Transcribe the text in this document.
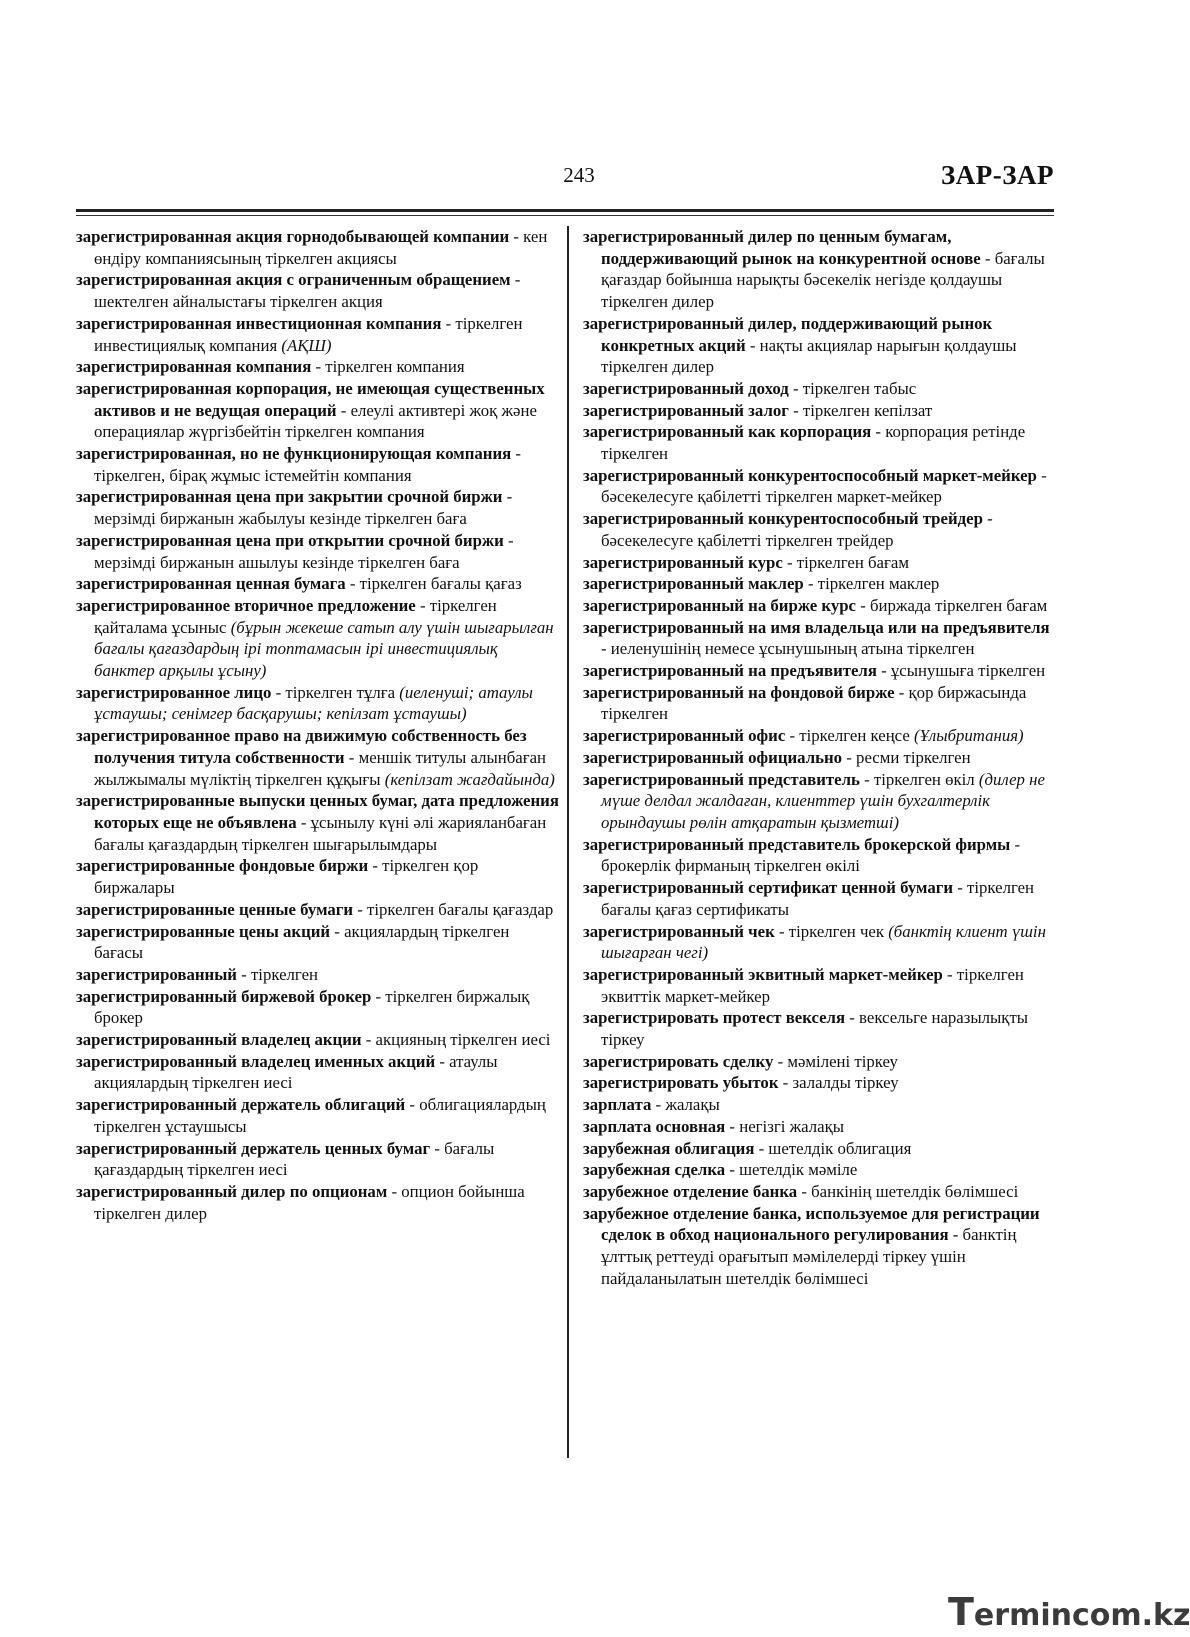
243	ЗАР-ЗАР

зарегистрированная акция горнодобывающей компании - кен өндіру компаниясының тіркелген акциясы

зарегистрированная акция с ограниченным обращением - шектелген айналыстағы тіркелген акция

зарегистрированная инвестиционная компания - тіркелген инвестициялық компания (АҚШ)

зарегистрированная компания - тіркелген компания

зарегистрированная корпорация, не имеющая существенных активов и не ведущая операций - елеулі активтері жоқ және операциялар жүргізбейтін тіркелген компания

зарегистрированная, но не функционирующая компания - тіркелген, бірақ жұмыс істемейтін компания

зарегистрированная цена при закрытии срочной биржи - мерзімді биржанын жабылуы кезінде тіркелген баға

зарегистрированная цена при открытии срочной биржи - мерзімді биржанын ашылуы кезінде тіркелген баға

зарегистрированная ценная бумага - тіркелген бағалы қағаз

зарегистрированное вторичное предложение - тіркелген қайталама ұсыныс (бұрын жекеше сатып алу үшін шығарылған бағалы қағаздардың ірі топтамасын ірі инвестициялық банктер арқылы ұсыну)

зарегистрированное лицо - тіркелген тұлға (иеленуші; атаулы ұстаушы; сенімгер басқарушы; кепілзат ұстаушы)

зарегистрированное право на движимую собственность без получения титула собственности - меншік титулы алынбаған жылжымалы мүліктің тіркелген құқығы (кепілзат жағдайында)

зарегистрированные выпуски ценных бумаг, дата предложения которых еще не объявлена - ұсынылу күні әлі жарияланбаған бағалы қағаздардың тіркелген шығарылымдары

зарегистрированные фондовые биржи - тіркелген қор биржалары

зарегистрированные ценные бумаги - тіркелген бағалы қағаздар

зарегистрированные цены акций - акциялардың тіркелген бағасы

зарегистрированный - тіркелген

зарегистрированный биржевой брокер - тіркелген биржалық брокер

зарегистрированный владелец акции - акцияның тіркелген иесі

зарегистрированный владелец именных акций - атаулы акциялардың тіркелген иесі

зарегистрированный держатель облигаций - облигациялардың тіркелген ұстаушысы

зарегистрированный держатель ценных бумаг - бағалы қағаздардың тіркелген иесі

зарегистрированный дилер по опционам - опцион бойынша тіркелген дилер

зарегистрированный дилер по ценным бумагам, поддерживающий рынок на конкурентной основе - бағалы қағаздар бойынша нарықты бәсекелік негізде қолдаушы тіркелген дилер

зарегистрированный дилер, поддерживающий рынок конкретных акций - нақты акциялар нарығын қолдаушы тіркелген дилер

зарегистрированный доход - тіркелген табыс

зарегистрированный залог - тіркелген кепілзат

зарегистрированный как корпорация - корпорация ретінде тіркелген

зарегистрированный конкурентоспособный маркет-мейкер - бәсекелесуге қабілетті тіркелген маркет-мейкер

зарегистрированный конкурентоспособный трейдер - бәсекелесуге қабілетті тіркелген трейдер

зарегистрированный курс - тіркелген бағам

зарегистрированный маклер - тіркелген маклер

зарегистрированный на бирже курс - биржада тіркелген бағам

зарегистрированный на имя владельца или на предъявителя - иеленушінің немесе ұсынушының атына тіркелген

зарегистрированный на предъявителя - ұсынушыға тіркелген

зарегистрированный на фондовой бирже - қор биржасында тіркелген

зарегистрированный офис - тіркелген кеңсе (Ұлыбритания)

зарегистрированный официально - ресми тіркелген

зарегистрированный представитель - тіркелген өкіл (дилер не мүше делдал жалдаған, клиенттер үшін бухгалтерлік орындаушы рөлін атқаратын қызметші)

зарегистрированный представитель брокерской фирмы - брокерлік фирманың тіркелген өкілі

зарегистрированный сертификат ценной бумаги - тіркелген бағалы қағаз сертификаты

зарегистрированный чек - тіркелген чек (банктің клиент үшін шығарған чегі)

зарегистрированный эквитный маркет-мейкер - тіркелген эквиттік маркет-мейкер

зарегистрировать протест векселя - вексельге наразылықты тіркеу

зарегистрировать сделку - мәмілені тіркеу

зарегистрировать убыток - залалды тіркеу

зарплата - жалақы

зарплата основная - негізгі жалақы

зарубежная облигация - шетелдік облигация

зарубежная сделка - шетелдік мәміле

зарубежное отделение банка - банкінің шетелдік бөлімшесі

зарубежное отделение банка, используемое для регистрации сделок в обход национального регулирования - банктің ұлттық реттеуді орағытып мәмілелерді тіркеу үшін пайдаланылатын шетелдік бөлімшесі

Termincom.kz
